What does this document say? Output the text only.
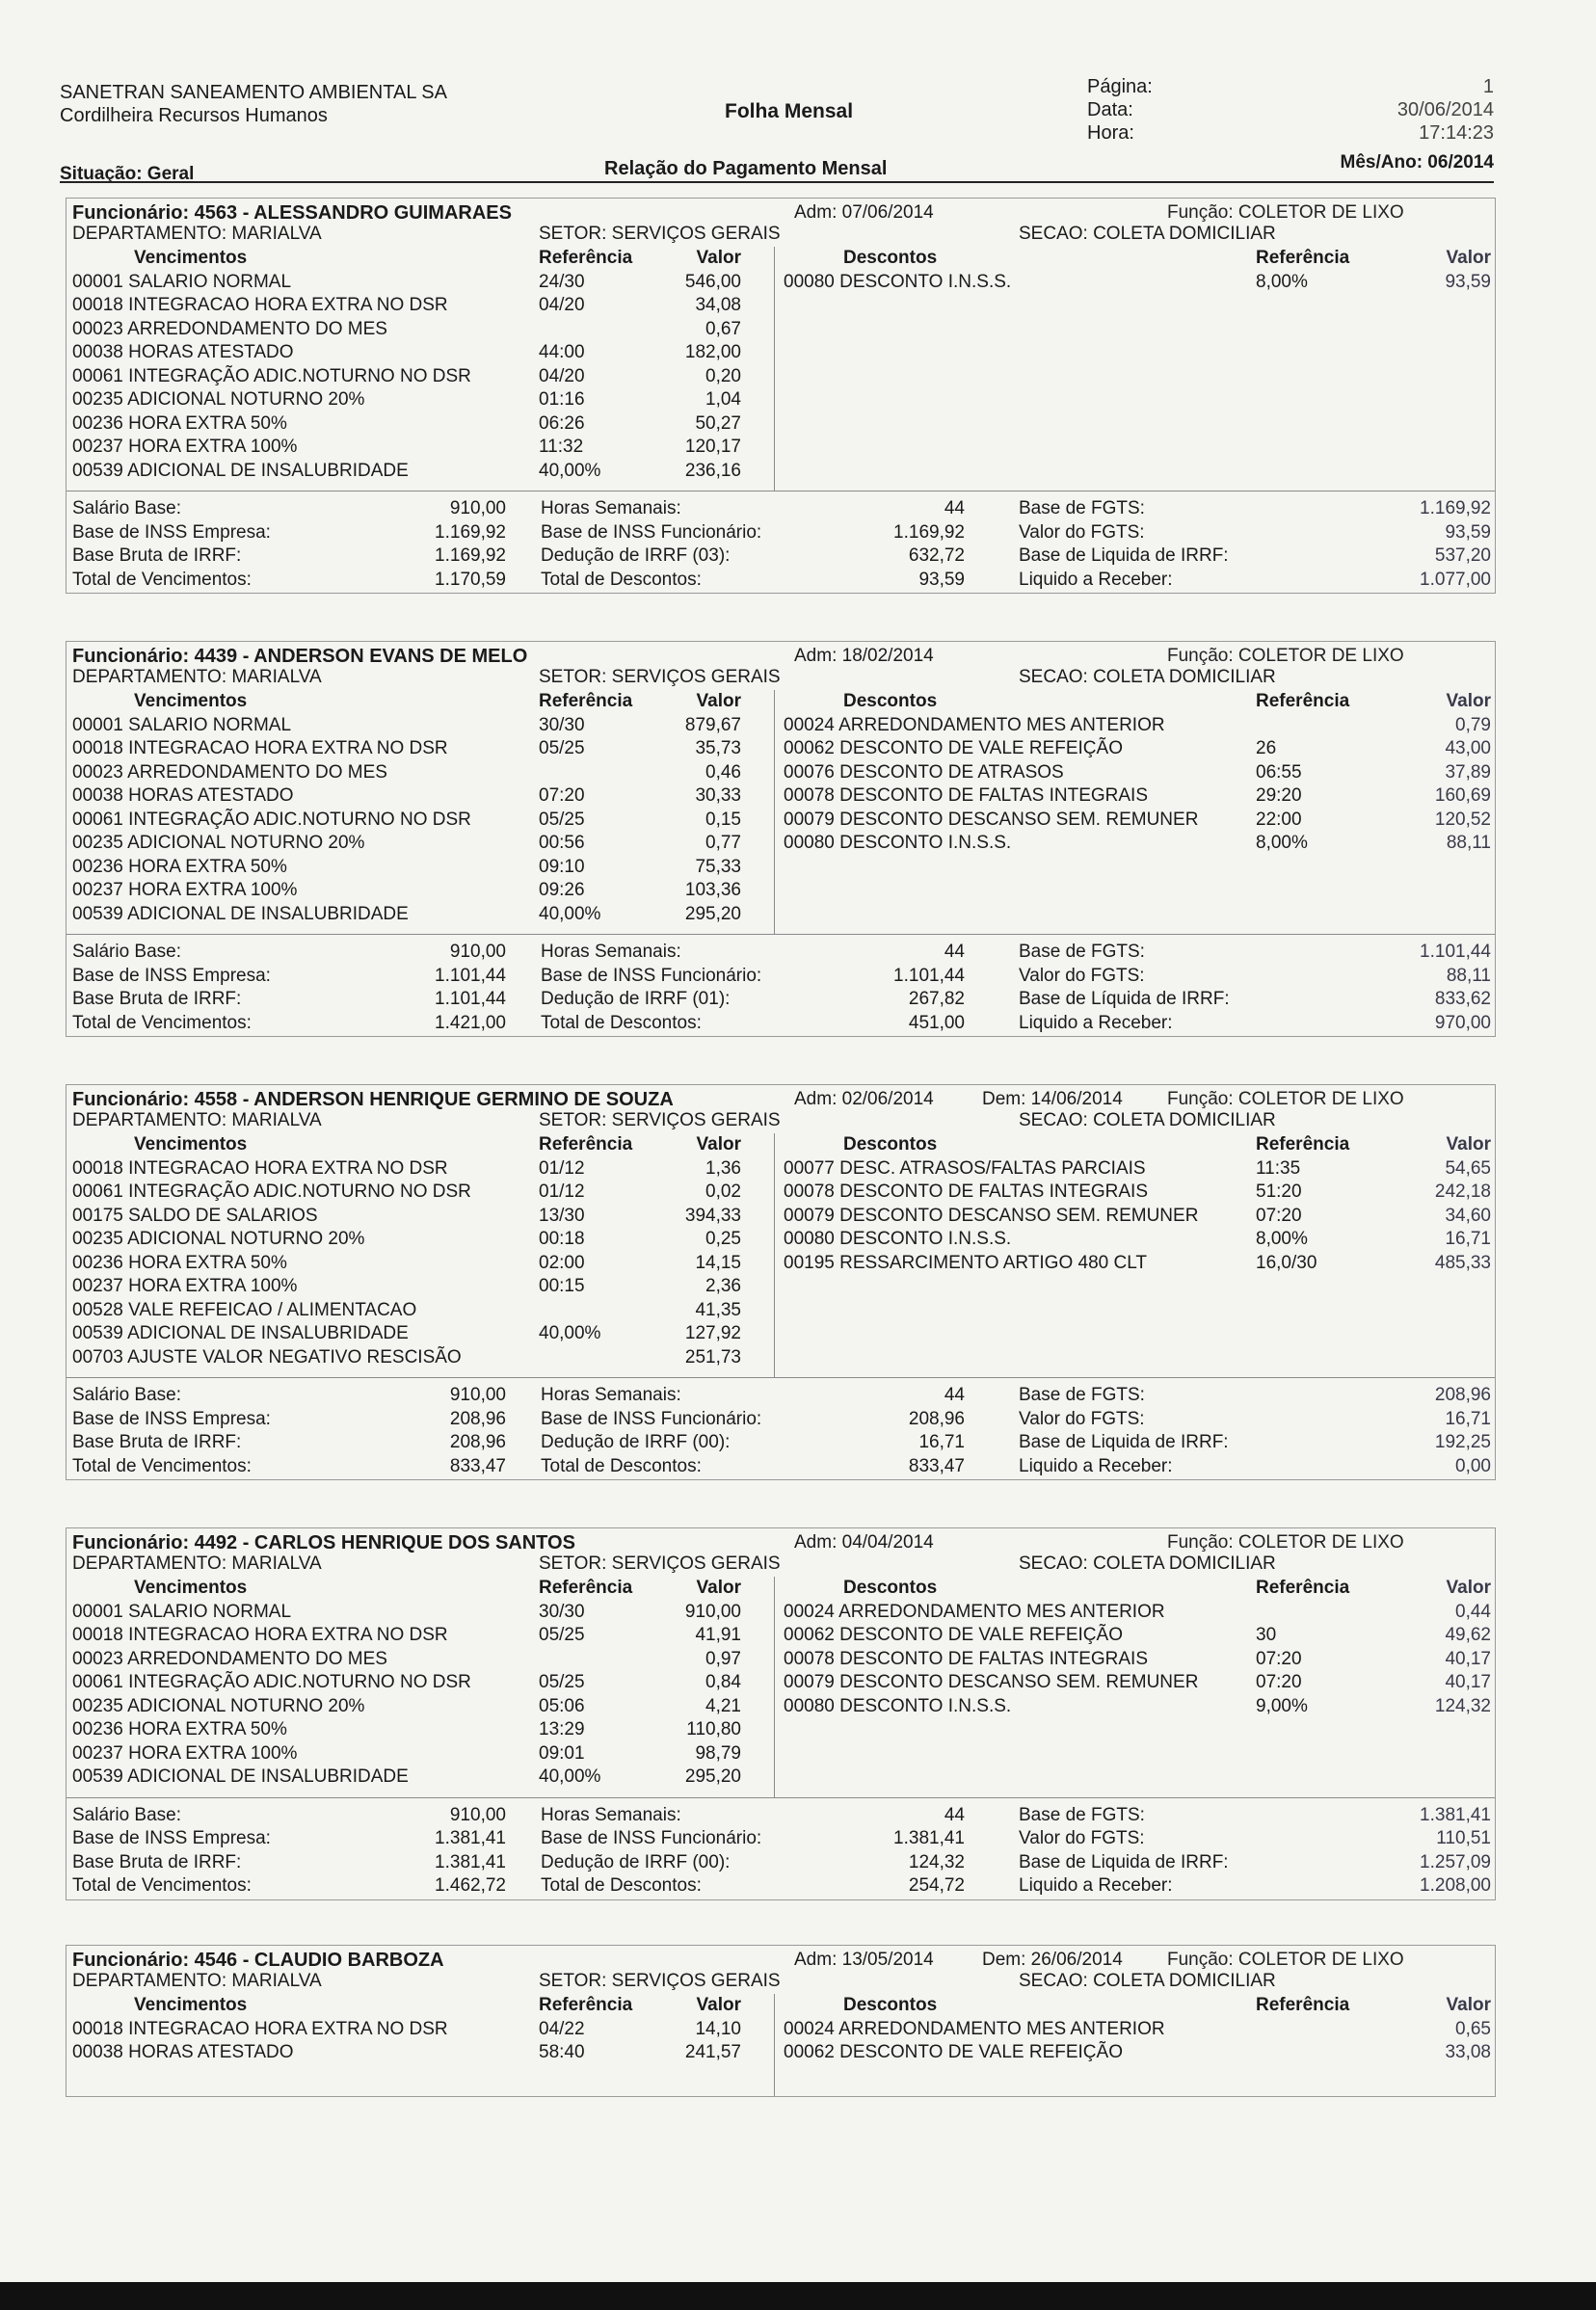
SANETRAN SANEAMENTO AMBIENTAL SA
Cordilheira Recursos Humanos	Folha Mensal
Página:	1
Data:	30/06/2014
Hora:	17:14:23
Situação: Geral	Relação do Pagamento Mensal	Mês/Ano: 06/2014
Funcionário: 4563 - ALESSANDRO GUIMARAES	Adm: 07/06/2014	Função: COLETOR DE LIXO
DEPARTAMENTO: MARIALVA	SETOR: SERVIÇOS GERAIS	SECAO: COLETA DOMICILIAR
Vencimentos	Referência	Valor
00001 SALARIO NORMAL	24/30	546,00
00018 INTEGRACAO HORA EXTRA NO DSR	04/20	34,08
00023 ARREDONDAMENTO DO MES	0,67
00038 HORAS ATESTADO	44:00	182,00
00061 INTEGRAÇÃO ADIC.NOTURNO NO DSR	04/20	0,20
00235 ADICIONAL NOTURNO 20%	01:16	1,04
00236 HORA EXTRA 50%	06:26	50,27
00237 HORA EXTRA 100%	11:32	120,17
00539 ADICIONAL DE INSALUBRIDADE	40,00%	236,16
Descontos	Referência	Valor
00080 DESCONTO I.N.S.S.	8,00%	93,59
Salário Base:	910,00 Horas Semanais:	44	Base de FGTS:	1.169,92
Base de INSS Empresa:	1.169,92 Base de INSS Funcionário:	1.169,92	Valor do FGTS:	93,59
Base Bruta de IRRF:	1.169,92 Dedução de IRRF (03):	632,72	Base de Liquida de IRRF:	537,20
Total de Vencimentos:	1.170,59 Total de Descontos:	93,59	Liquido a Receber:	1.077,00
Funcionário: 4439 - ANDERSON EVANS DE MELO	Adm: 18/02/2014	Função: COLETOR DE LIXO
DEPARTAMENTO: MARIALVA	SETOR: SERVIÇOS GERAIS	SECAO: COLETA DOMICILIAR
Vencimentos	Referência	Valor
00001 SALARIO NORMAL	30/30	879,67
00018 INTEGRACAO HORA EXTRA NO DSR	05/25	35,73
00023 ARREDONDAMENTO DO MES	0,46
00038 HORAS ATESTADO	07:20	30,33
00061 INTEGRAÇÃO ADIC.NOTURNO NO DSR	05/25	0,15
00235 ADICIONAL NOTURNO 20%	00:56	0,77
00236 HORA EXTRA 50%	09:10	75,33
00237 HORA EXTRA 100%	09:26	103,36
00539 ADICIONAL DE INSALUBRIDADE	40,00%	295,20
Descontos	Referência	Valor
00024 ARREDONDAMENTO MES ANTERIOR	0,79
00062 DESCONTO DE VALE REFEIÇÃO	26	43,00
00076 DESCONTO DE ATRASOS	06:55	37,89
00078 DESCONTO DE FALTAS INTEGRAIS	29:20	160,69
00079 DESCONTO DESCANSO SEM. REMUNER	22:00	120,52
00080 DESCONTO I.N.S.S.	8,00%	88,11
Salário Base:	910,00 Horas Semanais:	44	Base de FGTS:	1.101,44
Base de INSS Empresa:	1.101,44 Base de INSS Funcionário:	1.101,44	Valor do FGTS:	88,11
Base Bruta de IRRF:	1.101,44 Dedução de IRRF (01):	267,82	Base de Líquida de IRRF:	833,62
Total de Vencimentos:	1.421,00 Total de Descontos:	451,00	Liquido a Receber:	970,00
Funcionário: 4558 - ANDERSON HENRIQUE GERMINO DE SOUZA	Adm: 02/06/2014	Dem: 14/06/2014 Função: COLETOR DE LIXO
DEPARTAMENTO: MARIALVA	SETOR: SERVIÇOS GERAIS	SECAO: COLETA DOMICILIAR
Vencimentos	Referência	Valor
00018 INTEGRACAO HORA EXTRA NO DSR	01/12	1,36
00061 INTEGRAÇÃO ADIC.NOTURNO NO DSR	01/12	0,02
00175 SALDO DE SALARIOS	13/30	394,33
00235 ADICIONAL NOTURNO 20%	00:18	0,25
00236 HORA EXTRA 50%	02:00	14,15
00237 HORA EXTRA 100%	00:15	2,36
00528 VALE REFEICAO / ALIMENTACAO	41,35
00539 ADICIONAL DE INSALUBRIDADE	40,00%	127,92
00703 AJUSTE VALOR NEGATIVO RESCISÃO	251,73
Descontos	Referência	Valor
00077 DESC. ATRASOS/FALTAS PARCIAIS	11:35	54,65
00078 DESCONTO DE FALTAS INTEGRAIS	51:20	242,18
00079 DESCONTO DESCANSO SEM. REMUNER	07:20	34,60
00080 DESCONTO I.N.S.S.	8,00%	16,71
00195 RESSARCIMENTO ARTIGO 480 CLT	16,0/30	485,33
Salário Base:	910,00 Horas Semanais:	44	Base de FGTS:	208,96
Base de INSS Empresa:	208,96 Base de INSS Funcionário:	208,96	Valor do FGTS:	16,71
Base Bruta de IRRF:	208,96 Dedução de IRRF (00):	16,71	Base de Liquida de IRRF:	192,25
Total de Vencimentos:	833,47 Total de Descontos:	833,47	Liquido a Receber:	0,00
Funcionário: 4492 - CARLOS HENRIQUE DOS SANTOS	Adm: 04/04/2014	Função: COLETOR DE LIXO
DEPARTAMENTO: MARIALVA	SETOR: SERVIÇOS GERAIS	SECAO: COLETA DOMICILIAR
Vencimentos	Referência	Valor
00001 SALARIO NORMAL	30/30	910,00
00018 INTEGRACAO HORA EXTRA NO DSR	05/25	41,91
00023 ARREDONDAMENTO DO MES	0,97
00061 INTEGRAÇÃO ADIC.NOTURNO NO DSR	05/25	0,84
00235 ADICIONAL NOTURNO 20%	05:06	4,21
00236 HORA EXTRA 50%	13:29	110,80
00237 HORA EXTRA 100%	09:01	98,79
00539 ADICIONAL DE INSALUBRIDADE	40,00%	295,20
Descontos	Referência	Valor
00024 ARREDONDAMENTO MES ANTERIOR	0,44
00062 DESCONTO DE VALE REFEIÇÃO	30	49,62
00078 DESCONTO DE FALTAS INTEGRAIS	07:20	40,17
00079 DESCONTO DESCANSO SEM. REMUNER	07:20	40,17
00080 DESCONTO I.N.S.S.	9,00%	124,32
Salário Base:	910,00 Horas Semanais:	44	Base de FGTS:	1.381,41
Base de INSS Empresa:	1.381,41 Base de INSS Funcionário:	1.381,41	Valor do FGTS:	110,51
Base Bruta de IRRF:	1.381,41 Dedução de IRRF (00):	124,32	Base de Liquida de IRRF:	1.257,09
Total de Vencimentos:	1.462,72 Total de Descontos:	254,72	Liquido a Receber:	1.208,00
Funcionário: 4546 - CLAUDIO BARBOZA	Adm: 13/05/2014	Dem: 26/06/2014 Função: COLETOR DE LIXO
DEPARTAMENTO: MARIALVA	SETOR: SERVIÇOS GERAIS	SECAO: COLETA DOMICILIAR
Vencimentos	Referência	Valor
00018 INTEGRACAO HORA EXTRA NO DSR	04/22	14,10
00038 HORAS ATESTADO	58:40	241,57
Descontos	Referência	Valor
00024 ARREDONDAMENTO MES ANTERIOR	0,65
00062 DESCONTO DE VALE REFEIÇÃO	33,08
